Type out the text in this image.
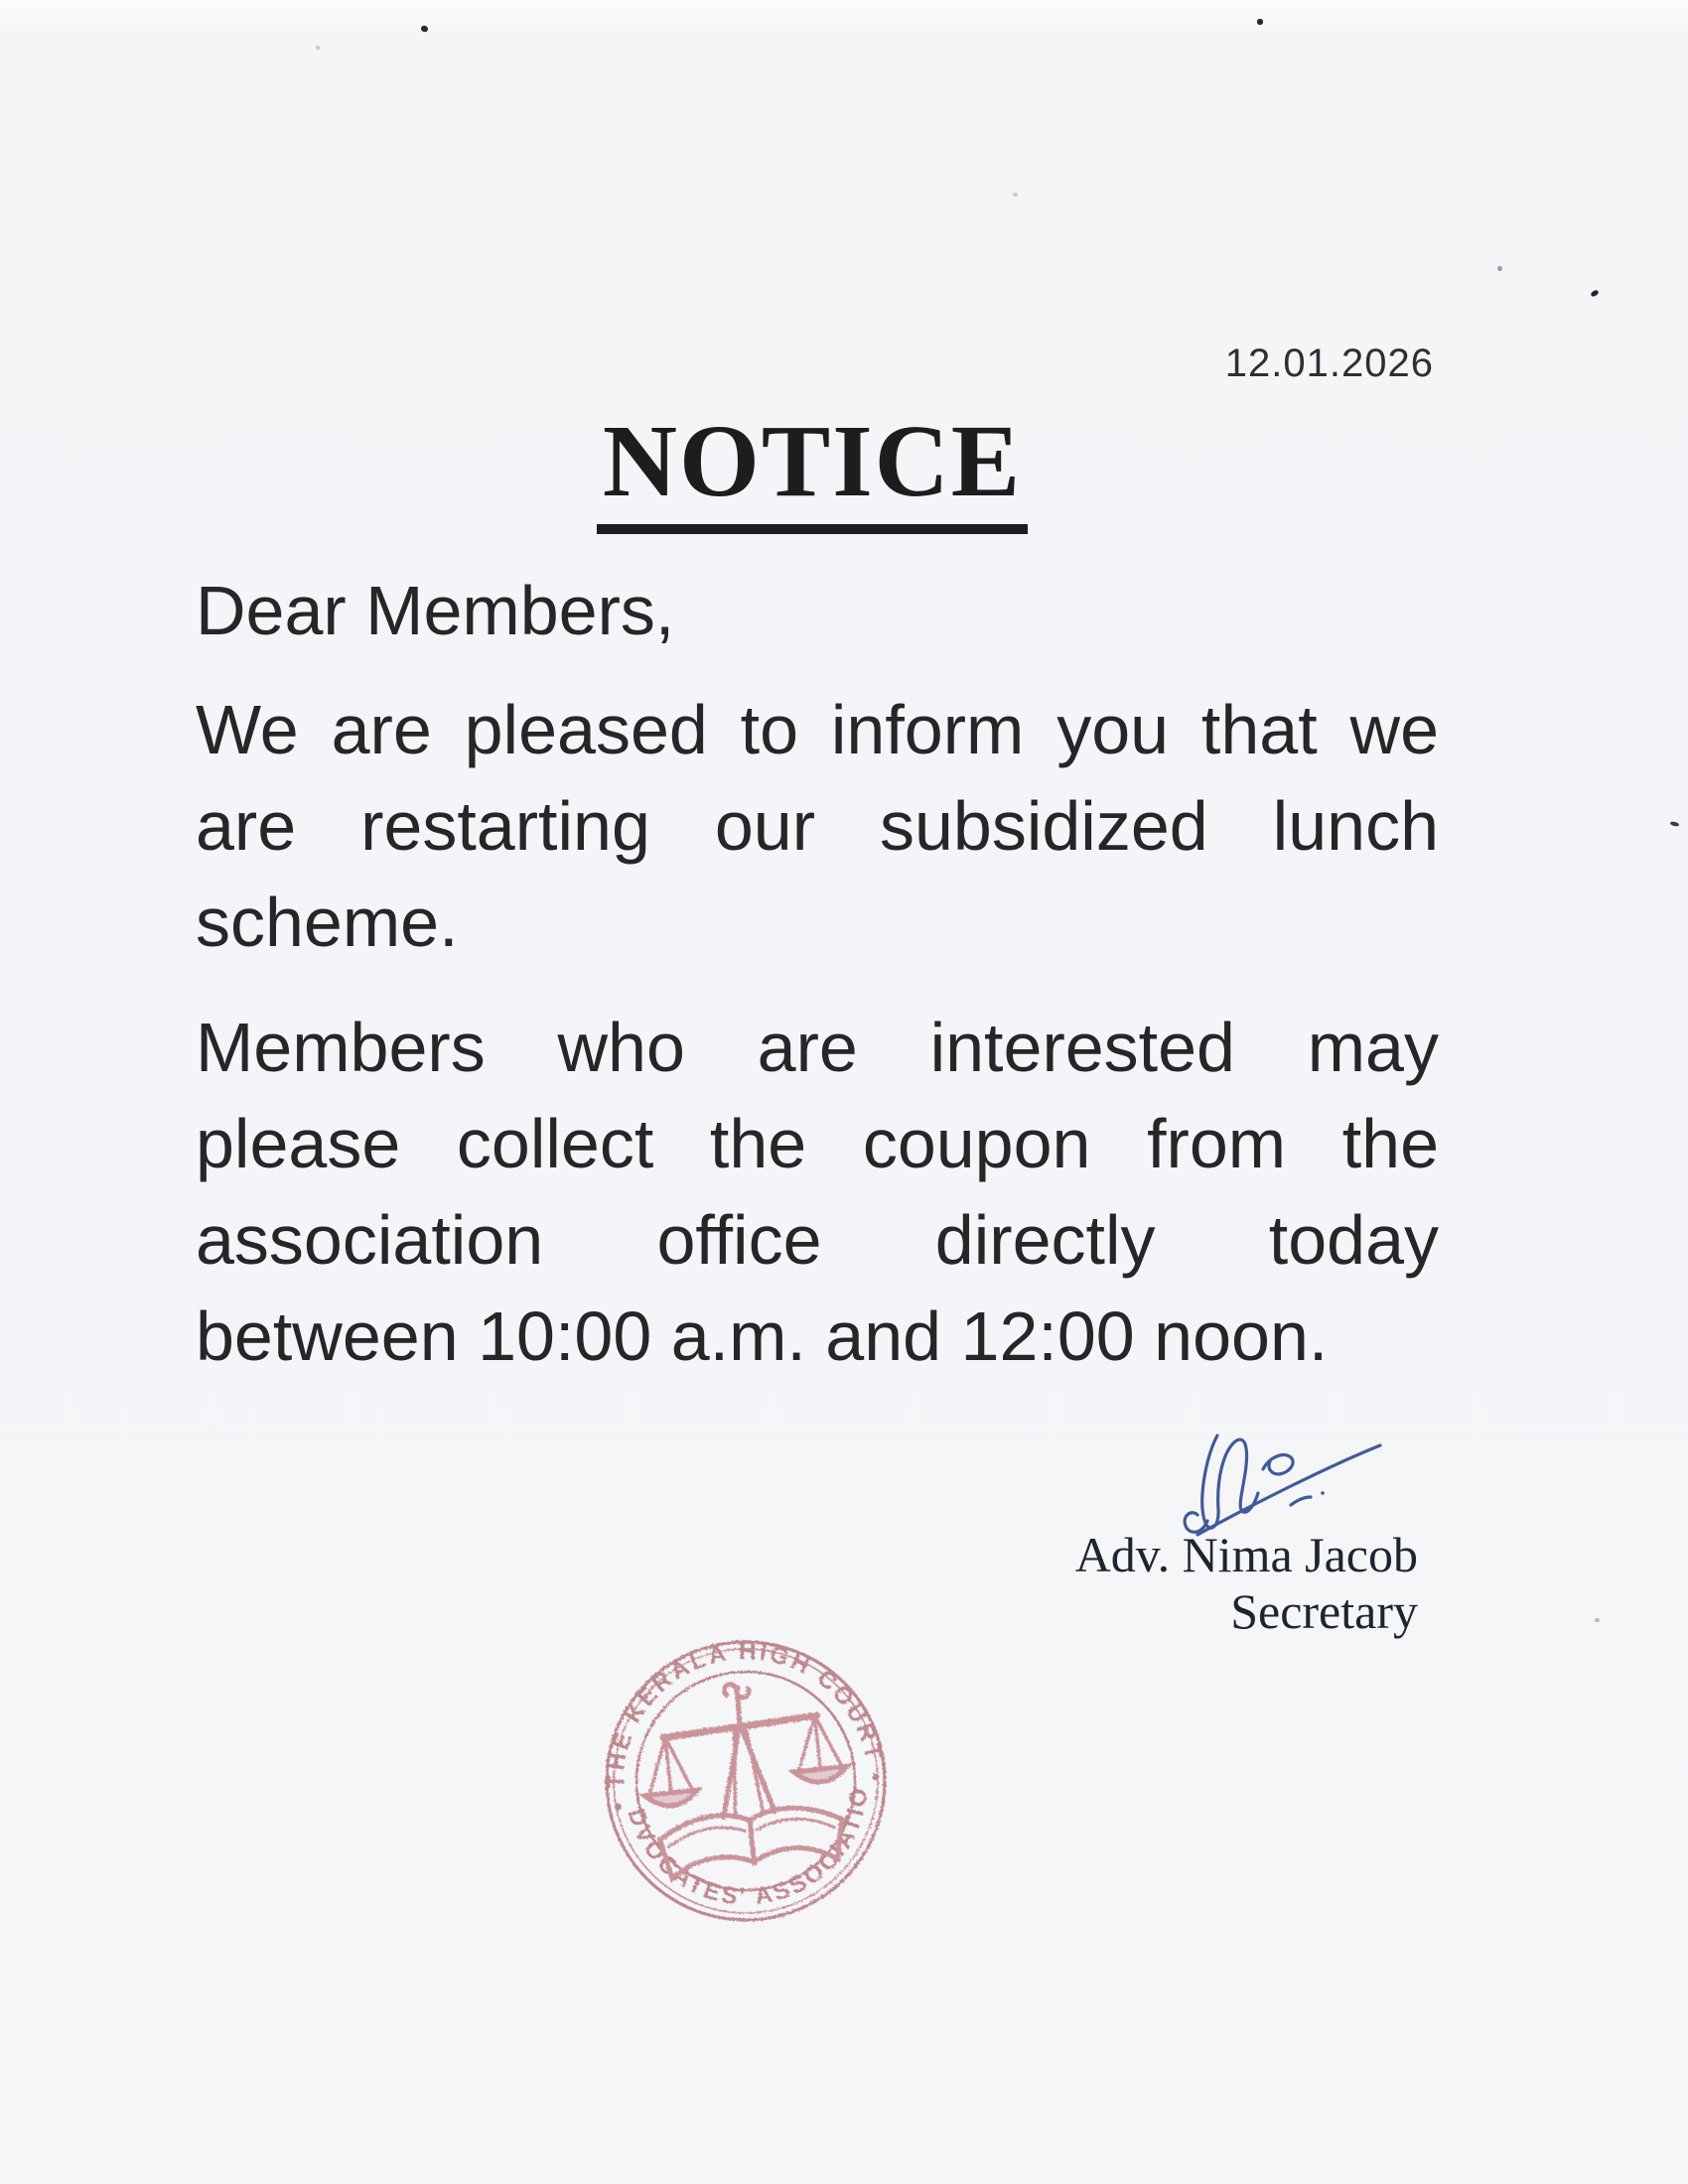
12.01.2026
NOTICE
Dear Members,
We are pleased to inform you that we
are restarting our subsidized lunch
scheme.
Members who are interested may
please collect the coupon from the
association office directly today
between 10:00 a.m. and 12:00 noon.
Adv. Nima Jacob
Secretary
• THE KERALA HIGH COURT •
ADVOCATES' ASSOCIATION
